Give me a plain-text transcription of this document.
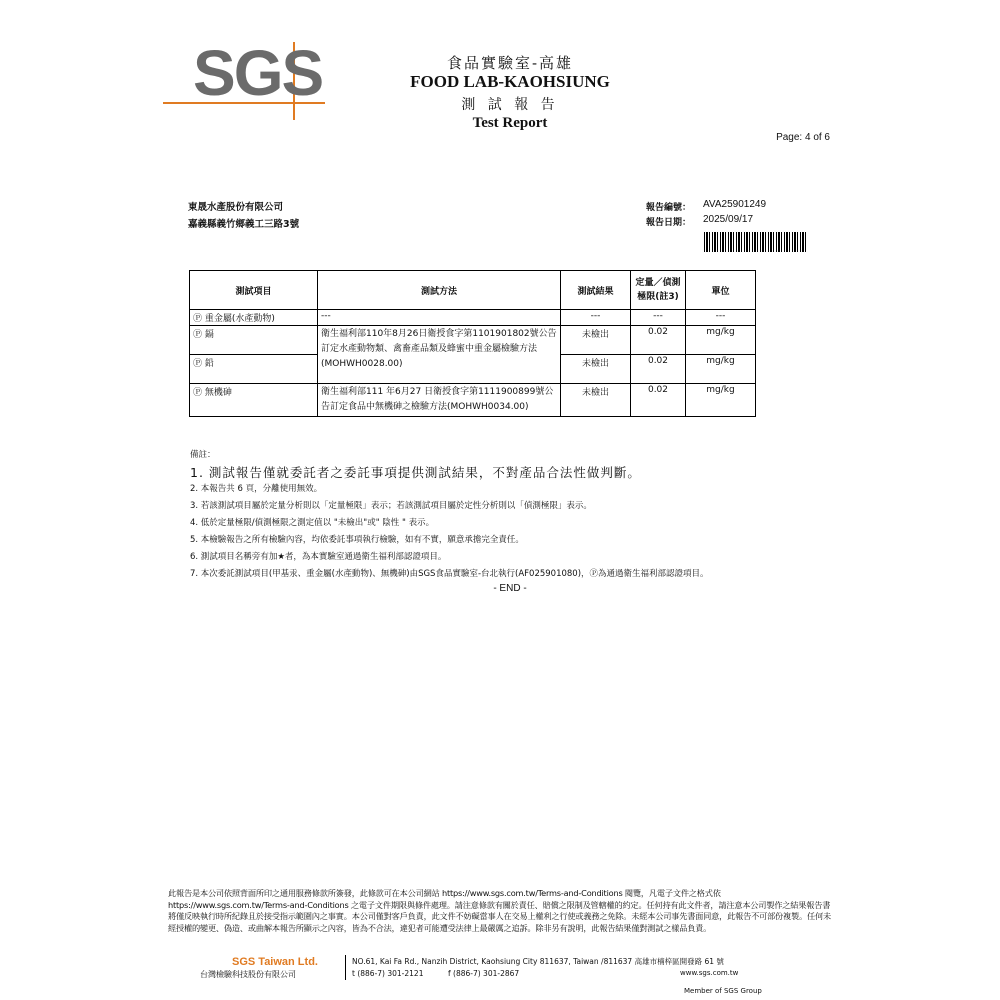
SGS	食品實驗室-高雄
FOOD LAB-KAOHSIUNG
測 試 報 告
Test Report
Page: 4 of 6
東晟水產股份有限公司
嘉義縣義竹鄉義工三路3號
報告編號： AVA25901249
報告日期： 2025/09/17
測試項目	測試方法	測試結果	定量／偵測極限(註3)	單位
Ⓟ 重金屬(水產動物)	---	---	---	---
Ⓟ 鎘	衛生福利部110年8月26日衛授食字第1101901802號公告訂定水產動物類、禽畜產品類及蜂蜜中重金屬檢驗方法(MOHWH0028.00)	未檢出	0.02	mg/kg
Ⓟ 鉛		未檢出	0.02	mg/kg
Ⓟ 無機砷	衛生福利部111 年6月27 日衛授食字第1111900899號公告訂定食品中無機砷之檢驗方法(MOHWH0034.00)	未檢出	0.02	mg/kg
備註：
1. 測試報告僅就委託者之委託事項提供測試結果，不對產品合法性做判斷。
2. 本報告共 6 頁，分離使用無效。
3. 若該測試項目屬於定量分析則以「定量極限」表示；若該測試項目屬於定性分析則以「偵測極限」表示。
4. 低於定量極限/偵測極限之測定值以 "未檢出"或" 陰性 " 表示。
5. 本檢驗報告之所有檢驗內容，均依委託事項執行檢驗，如有不實，願意承擔完全責任。
6. 測試項目名稱旁有加★者，為本實驗室通過衛生福利部認證項目。
7. 本次委託測試項目(甲基汞、重金屬(水產動物)、無機砷)由SGS食品實驗室-台北執行(AF025901080)，Ⓟ為通過衛生福利部認證項目。
- END -
此報告是本公司依照背面所印之通用服務條款所簽發，此條款可在本公司網站 https://www.sgs.com.tw/Terms-and-Conditions 閱覽，凡電子文件之格式依 https://www.sgs.com.tw/Terms-and-Conditions 之電子文件期限與條件處理。請注意條款有關於責任、賠償之限制及管轄權的約定。任何持有此文件者，請注意本公司製作之結果報告書將僅反映執行時所紀錄且於接受指示範圍內之事實。本公司僅對客戶負責，此文件不妨礙當事人在交易上權利之行使或義務之免除。未經本公司事先書面同意，此報告不可部份複製。任何未經授權的變更、偽造、或曲解本報告所顯示之內容，皆為不合法，違犯者可能遭受法律上最嚴厲之追訴。除非另有說明，此報告結果僅對測試之樣品負責。
SGS Taiwan Ltd.
台灣檢驗科技股份有限公司
NO.61, Kai Fa Rd., Nanzih District, Kaohsiung City 811637, Taiwan /811637 高雄市楠梓區開發路 61 號
t (886-7) 301-2121	f (886-7) 301-2867	www.sgs.com.tw
Member of SGS Group
